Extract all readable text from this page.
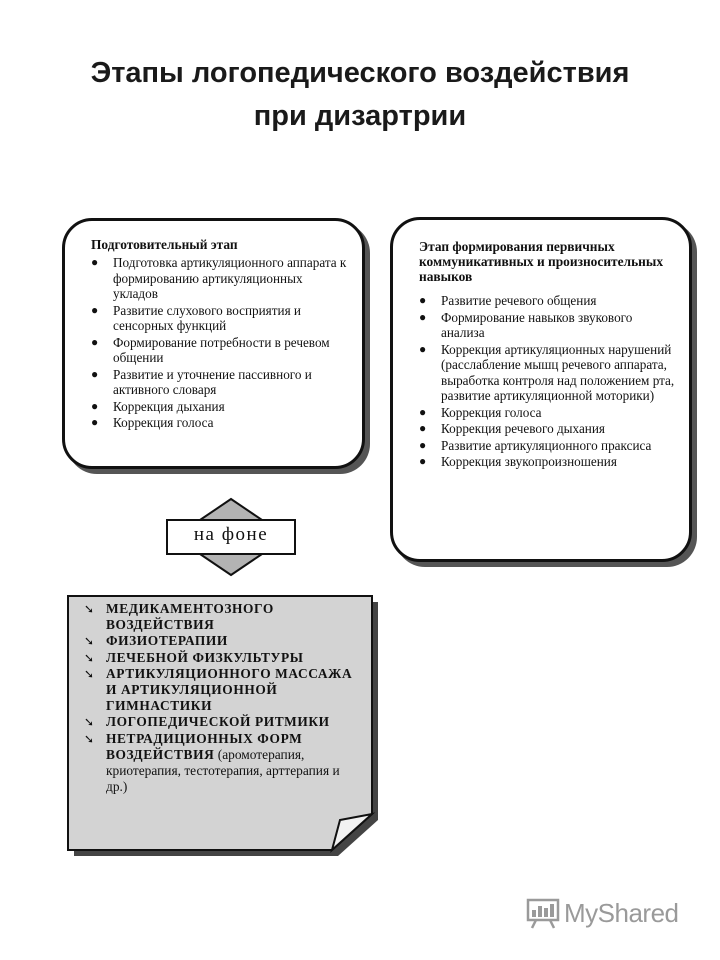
Этапы логопедического воздействия
при дизартрии
Подготовительный этап
● Подготовка артикуляционного аппарата к формированию артикуляционных укладов
● Развитие слухового восприятия и сенсорных функций
● Формирование потребности в речевом общении
● Развитие и уточнение пассивного и активного словаря
● Коррекция дыхания
● Коррекция голоса
Этап формирования первичных коммуникативных и произносительных навыков
● Развитие речевого общения
● Формирование навыков звукового анализа
● Коррекция артикуляционных нарушений (расслабление мышц речевого аппарата, выработка контроля над положением рта, развитие артикуляционной моторики)
● Коррекция голоса
● Коррекция речевого дыхания
● Развитие артикуляционного праксиса
● Коррекция звукопроизношения
на фоне
➘ МЕДИКАМЕНТОЗНОГО ВОЗДЕЙСТВИЯ
➘ ФИЗИОТЕРАПИИ
➘ ЛЕЧЕБНОЙ ФИЗКУЛЬТУРЫ
➘ АРТИКУЛЯЦИОННОГО МАССАЖА И АРТИКУЛЯЦИОННОЙ ГИМНАСТИКИ
➘ ЛОГОПЕДИЧЕСКОЙ РИТМИКИ
➘ НЕТРАДИЦИОННЫХ ФОРМ ВОЗДЕЙСТВИЯ (аромотерапия, криотерапия, тестотерапия, арттерапия и др.)
MyShared
